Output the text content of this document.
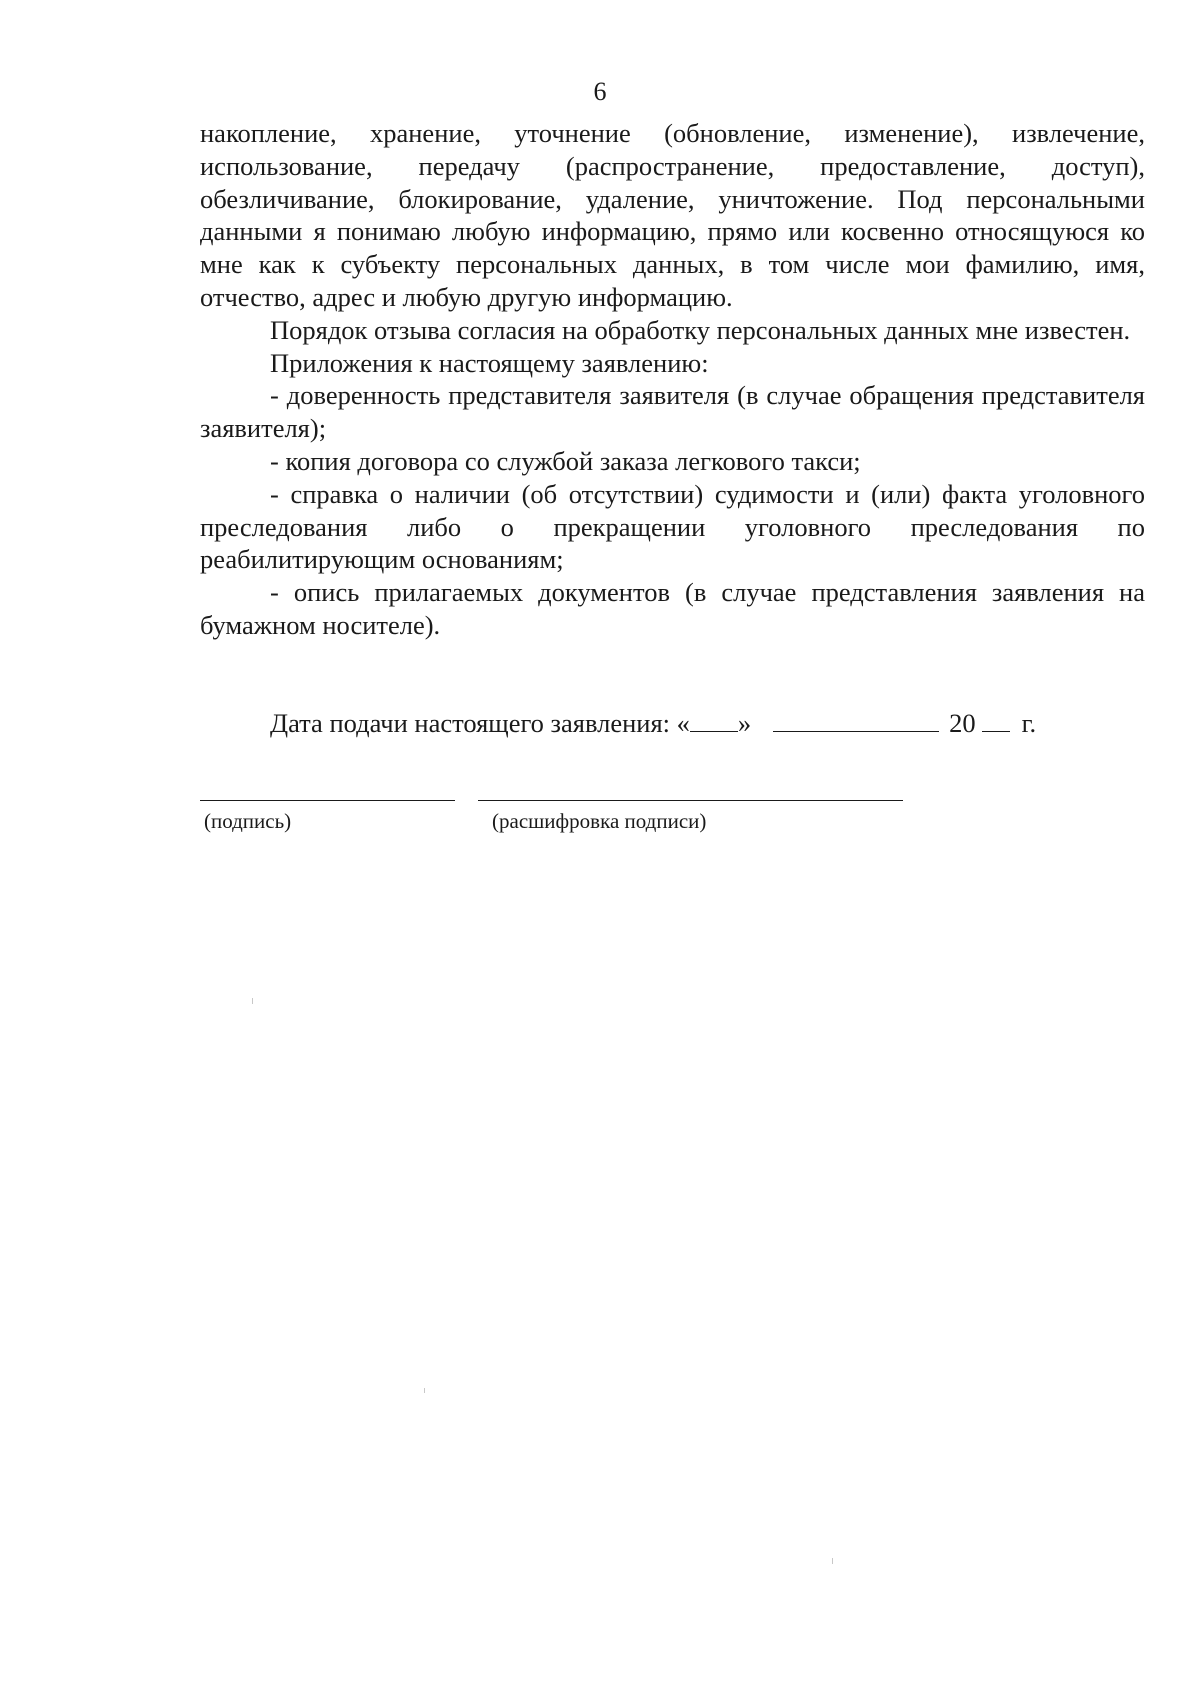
6

накопление, хранение, уточнение (обновление, изменение), извлечение, использование, передачу (распространение, предоставление, доступ), обезличивание, блокирование, удаление, уничтожение. Под персональными данными я понимаю любую информацию, прямо или косвенно относящуюся ко мне как к субъекту персональных данных, в том числе мои фамилию, имя, отчество, адрес и любую другую информацию.

Порядок отзыва согласия на обработку персональных данных мне известен.

Приложения к настоящему заявлению:

- доверенность представителя заявителя (в случае обращения представителя заявителя);

- копия договора со службой заказа легкового такси;

- справка о наличии (об отсутствии) судимости и (или) факта уголовного преследования либо о прекращении уголовного преследования по реабилитирующим основаниям;

- опись прилагаемых документов (в случае представления заявления на бумажном носителе).

Дата подачи настоящего заявления: « »	20 г.
(подпись)	(расшифровка подписи)
